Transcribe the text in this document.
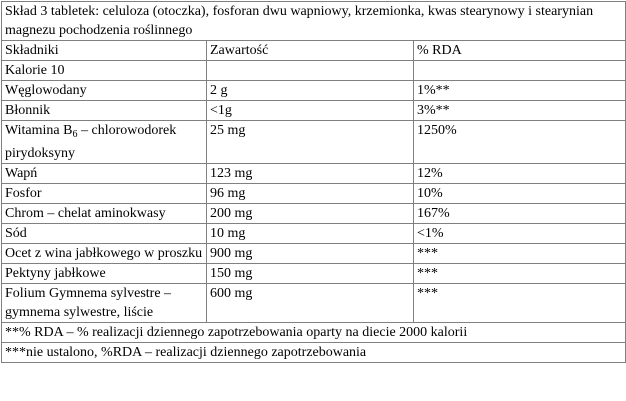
Skład 3 tabletek: celuloza (otoczka), fosforan dwu wapniowy, krzemionka, kwas stearynowy i stearynian magnezu pochodzenia roślinnego		
Składniki	Zawartość	% RDA
Kalorie 10		
Węglowodany	2 g	1%**
Błonnik	<1g	3%**
Witamina $B_6$ – chlorowodorek pirydoksyny	25 mg	1250%
Wapń	123 mg	12%
Fosfor	96 mg	10%
Chrom – chelat aminokwasy	200 mg	167%
Sód	10 mg	<1%
Ocet z wina jabłkowego w proszku	900 mg	***
Pektyny jabłkowe	150 mg	***
Folium Gymnema sylvestre – gymnema sylwestre, liście	600 mg	***
**% RDA – % realizacji dziennego zapotrzebowania oparty na diecie 2000 kalorii		
***nie ustalono, %RDA – realizacji dziennego zapotrzebowania		
